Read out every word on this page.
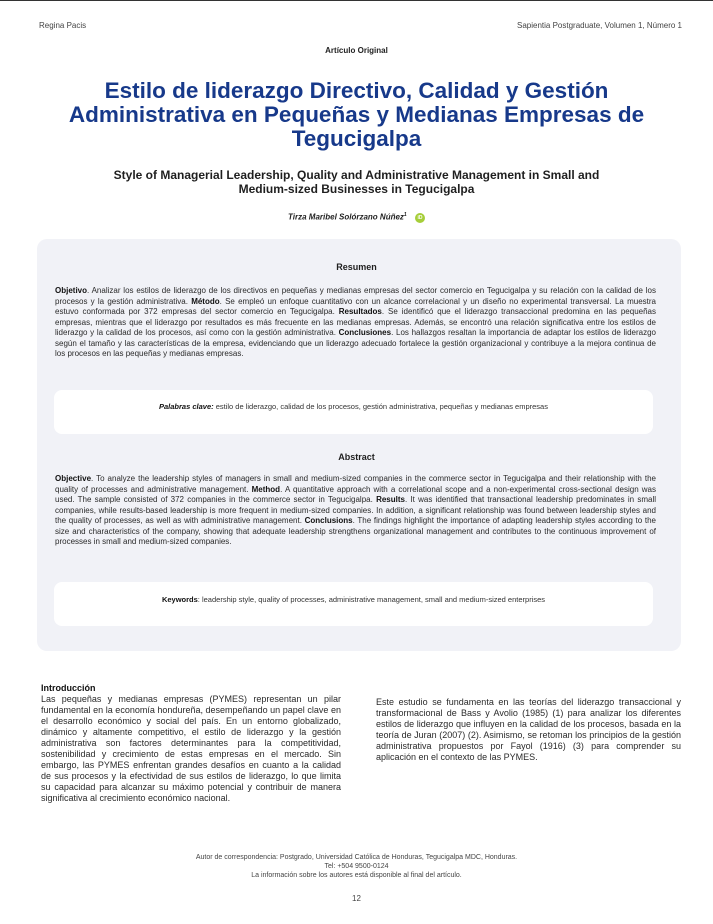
Regina Pacis	Sapientia Postgraduate, Volumen 1, Número 1
Artículo Original
Estilo de liderazgo Directivo, Calidad y Gestión Administrativa en Pequeñas y Medianas Empresas de Tegucigalpa
Style of Managerial Leadership, Quality and Administrative Management in Small and Medium-sized Businesses in Tegucigalpa
Tirza Maribel Solórzano Núñez$^1$ iD
Resumen
Objetivo. Analizar los estilos de liderazgo de los directivos en pequeñas y medianas empresas del sector comercio en Tegucigalpa y su relación con la calidad de los procesos y la gestión administrativa. Método. Se empleó un enfoque cuantitativo con un alcance correlacional y un diseño no experimental transversal. La muestra estuvo conformada por 372 empresas del sector comercio en Tegucigalpa. Resultados. Se identificó que el liderazgo transaccional predomina en las pequeñas empresas, mientras que el liderazgo por resultados es más frecuente en las medianas empresas. Además, se encontró una relación significativa entre los estilos de liderazgo y la calidad de los procesos, así como con la gestión administrativa. Conclusiones. Los hallazgos resaltan la importancia de adaptar los estilos de liderazgo según el tamaño y las características de la empresa, evidenciando que un liderazgo adecuado fortalece la gestión organizacional y contribuye a la mejora continua de los procesos en las pequeñas y medianas empresas.
Palabras clave: estilo de liderazgo, calidad de los procesos, gestión administrativa, pequeñas y medianas empresas
Abstract
Objective. To analyze the leadership styles of managers in small and medium-sized companies in the commerce sector in Tegucigalpa and their relationship with the quality of processes and administrative management. Method. A quantitative approach with a correlational scope and a non-experimental cross-sectional design was used. The sample consisted of 372 companies in the commerce sector in Tegucigalpa. Results. It was identified that transactional leadership predominates in small companies, while results-based leadership is more frequent in medium-sized companies. In addition, a significant relationship was found between leadership styles and the quality of processes, as well as with administrative management. Conclusions. The findings highlight the importance of adapting leadership styles according to the size and characteristics of the company, showing that adequate leadership strengthens organizational management and contributes to the continuous improvement of processes in small and medium-sized companies.
Keywords: leadership style, quality of processes, administrative management, small and medium-sized enterprises
Introducción
Las pequeñas y medianas empresas (PYMES) representan un pilar fundamental en la economía hondureña, desempeñando un papel clave en el desarrollo económico y social del país. En un entorno globalizado, dinámico y altamente competitivo, el estilo de liderazgo y la gestión administrativa son factores determinantes para la competitividad, sostenibilidad y crecimiento de estas empresas en el mercado. Sin embargo, las PYMES enfrentan grandes desafíos en cuanto a la calidad de sus procesos y la efectividad de sus estilos de liderazgo, lo que limita su capacidad para alcanzar su máximo potencial y contribuir de manera significativa al crecimiento económico nacional.
Este estudio se fundamenta en las teorías del liderazgo transaccional y transformacional de Bass y Avolio (1985) (1) para analizar los diferentes estilos de liderazgo que influyen en la calidad de los procesos, basada en la teoría de Juran (2007) (2). Asimismo, se retoman los principios de la gestión administrativa propuestos por Fayol (1916) (3) para comprender su aplicación en el contexto de las PYMES.
Autor de correspondencia: Postgrado, Universidad Católica de Honduras, Tegucigalpa MDC, Honduras.
Tel: +504 9500-0124
La información sobre los autores está disponible al final del artículo.
12
